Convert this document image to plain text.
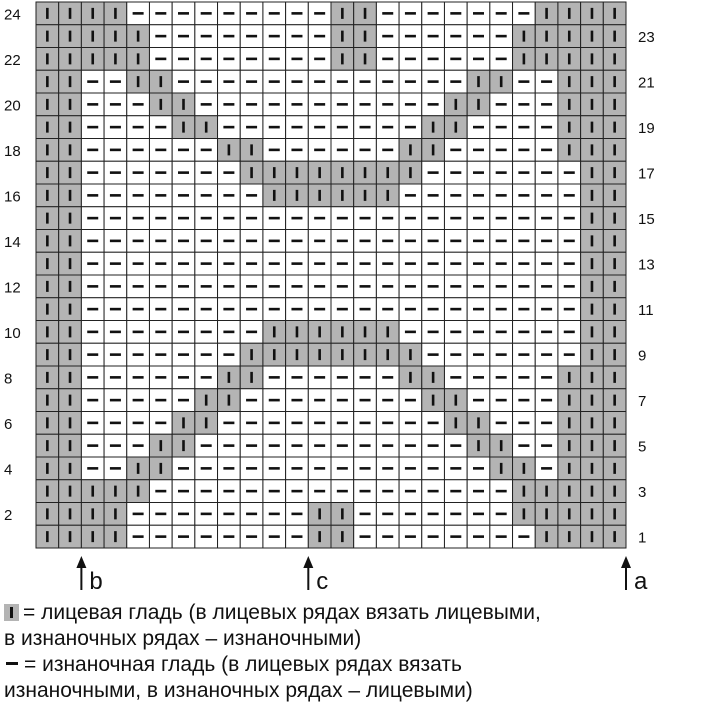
24
22
20
18
16
14
12
10
8
6
4
2
23
21
19
17
15
13
11
9
7
5
3
1
b	c	a
= лицевая гладь (в лицевых рядах вязать лицевыми,
в изнаночных рядах – изнаночными)
= изнаночная гладь (в лицевых рядах вязать
изнаночными, в изнаночных рядах – лицевыми)
